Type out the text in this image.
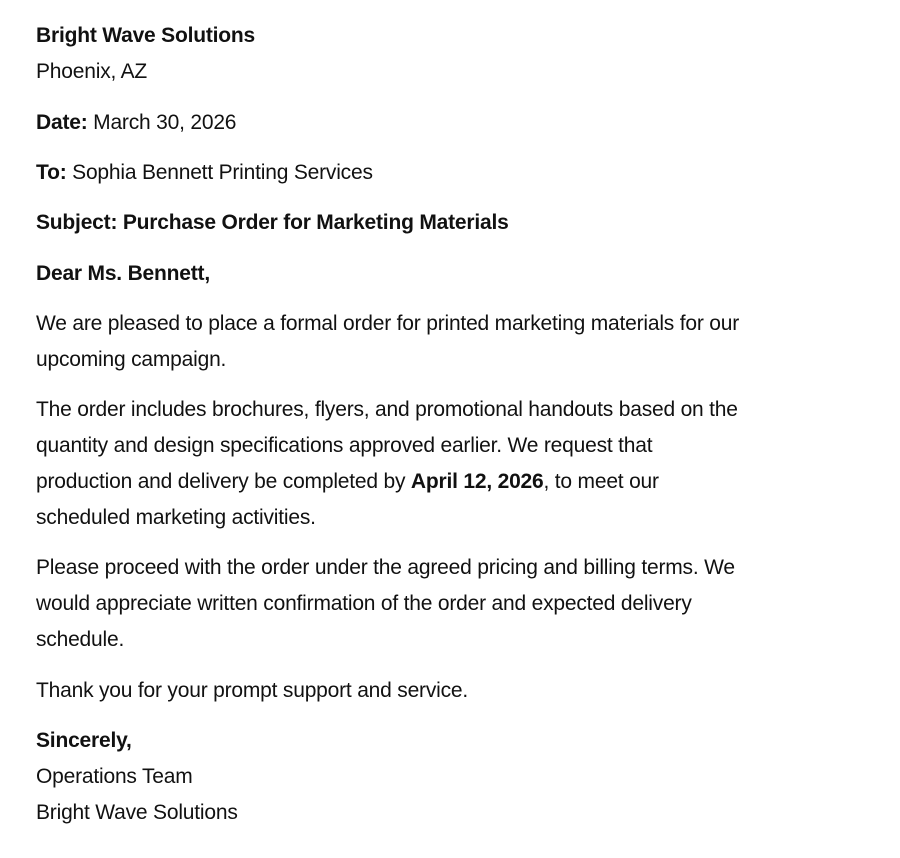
Bright Wave Solutions
Phoenix, AZ
Date: March 30, 2026
To: Sophia Bennett Printing Services
Subject: Purchase Order for Marketing Materials
Dear Ms. Bennett,
We are pleased to place a formal order for printed marketing materials for our
upcoming campaign.
The order includes brochures, flyers, and promotional handouts based on the
quantity and design specifications approved earlier. We request that
production and delivery be completed by April 12, 2026, to meet our
scheduled marketing activities.
Please proceed with the order under the agreed pricing and billing terms. We
would appreciate written confirmation of the order and expected delivery
schedule.
Thank you for your prompt support and service.
Sincerely,
Operations Team
Bright Wave Solutions
